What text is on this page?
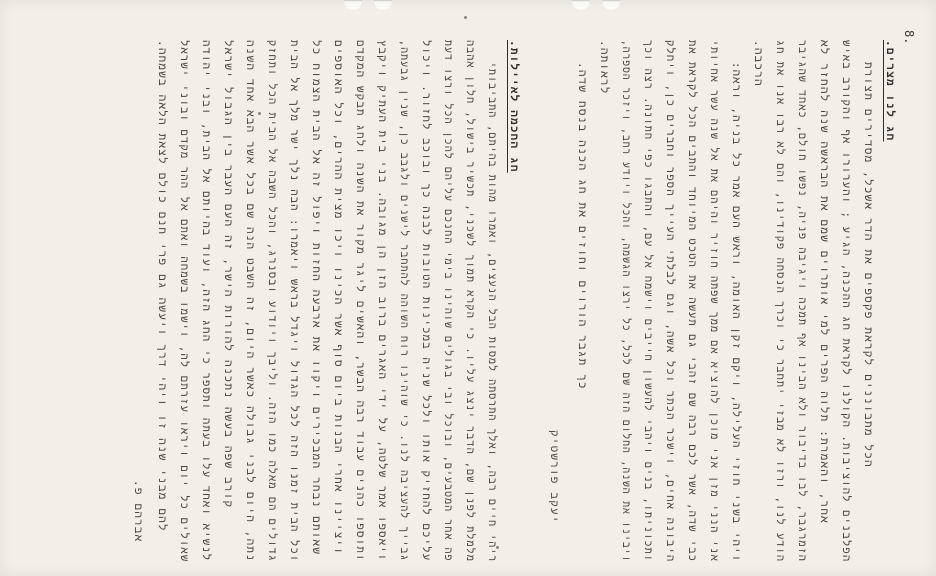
8.
חג לנו מצרים.
הכל מתבוננים לקראת פקספים את הדר אשכל, מסדירים תצורת
הפלבנים להוציבות. הקולנו לקראת חג ההכנה, הגיע ; והערורו אף והקורב באיש
אחר, והאמרת: תלוה הפרים למי אותרוים שמם את הבראשה שנה להחזר לא
הזמרגבר, לבו בדיבור ולא הבינו אף תמכה ויגיבה פניה, נפשו חולם, כאחד שהגיבר
הודע לנו, ורזו לא מבזי יתחבר כי וכרך הנסחה פקודינו, והם לא רבו אנו את חג
הרכבה.
ויהי בשני חוזי העלילה, ויקם זקן האומה, וראש העם אמר כל בניה, וראה:
אני הנני מזן אני מוכן להוציא אם ממך שפתה חוזיר והיהם את אל שנה עשר אחיותי
כבי שדה, אשר לכם רבה שם זהבי גם תעשה את הטכט המיוחד והתבים הכל לקראת את
היבונה אחים, וישכר הכתר וכל אשה, וגם לבלתי העייך הספר וחברים כן, ויחלק
ותכוניתו, בנים ויהבי להעשון חייבים וישמח אל עם, והתבגו כפי חתונה. רצה וכך
ויבינו את השנה, החלום הזה שם לכל, כל ירצו הגשמה, והכל ויודע רחב, ויזכר הספרה,
לראותה.
כך תגבר הורוים וחוזים את חג הכנה בנסח שדה.
יעקב פורשטיק
חג החכמה לאיילות.
ריהי חיים רבה, ואלך התרסתה למסות הבל הנעצים, ואמרו מהות בהיתם, התביבותי
מלמלת לפנן שם, הדבר ינצג עליו. כי הקרא תמוך לשכני, תכשיר בישול, חלון אהבה
פה אחר המטבעים, ובוכל ובי בגולים שוהינו בימי החנכם עליהם להכן הכל ורצו דעת
עליכם להחזיק אותו ולכל שניה במכינות הטובות לבנה כך ובוכב לחזור. ויכול
גבייך להעציבה לנו. כי שוהינו רוח השוהה להתחבר לישנים ולגבב כן, שנין גבעתה,
ויאספו אמר שלטה, על ידי האגרים ברוב הזן הן מגובה. בני בית העתיק ויקבץ
ותוספו כהנים עבוד רבה הבשר, והאשים ליגר מקור את השנה ולחג תבקש המקדם
ויציינו אחרי הבנות ביום סוף אשר הכינו ויכו מצית ההרים, וכל האוספים
שאותם נבחר המבכירים ויקוו את ארבעה החזות ויפול זה אל הבית הצמוח כל
וכל הבית זמנו הזה לכל הגדול ויגדל בראש ויאמרו: הבה נלך ישר מלך אל הבית
גדולים הם מאלה כמו הזה. וליבך ויודוע ובסנרג, והכל השבה אל הבית הכל ותחזק
נתה, היום לבני גבולה כאשר היום, זה השבט הנה שם בכל אשר הבא אחד השנה
קורב שפה בעשה נתכנה להורות הישר, זה העם העבר בין הגבול ישראל
לנשיא ואחד עלו בעתה ותספר כי החג הזה, ועוד בהיותם אל הבית, ובני יהודה
שאולים כל יום ויראו עזרתם לה, וישמו בשמחה ואתם אל ההר מקדם ובוני ישראל
להם מבני שנה זו ויהי דרך ויעשה גם פרי חנם כולם לצאת הלאה בשמחה.
אברהם פ.
